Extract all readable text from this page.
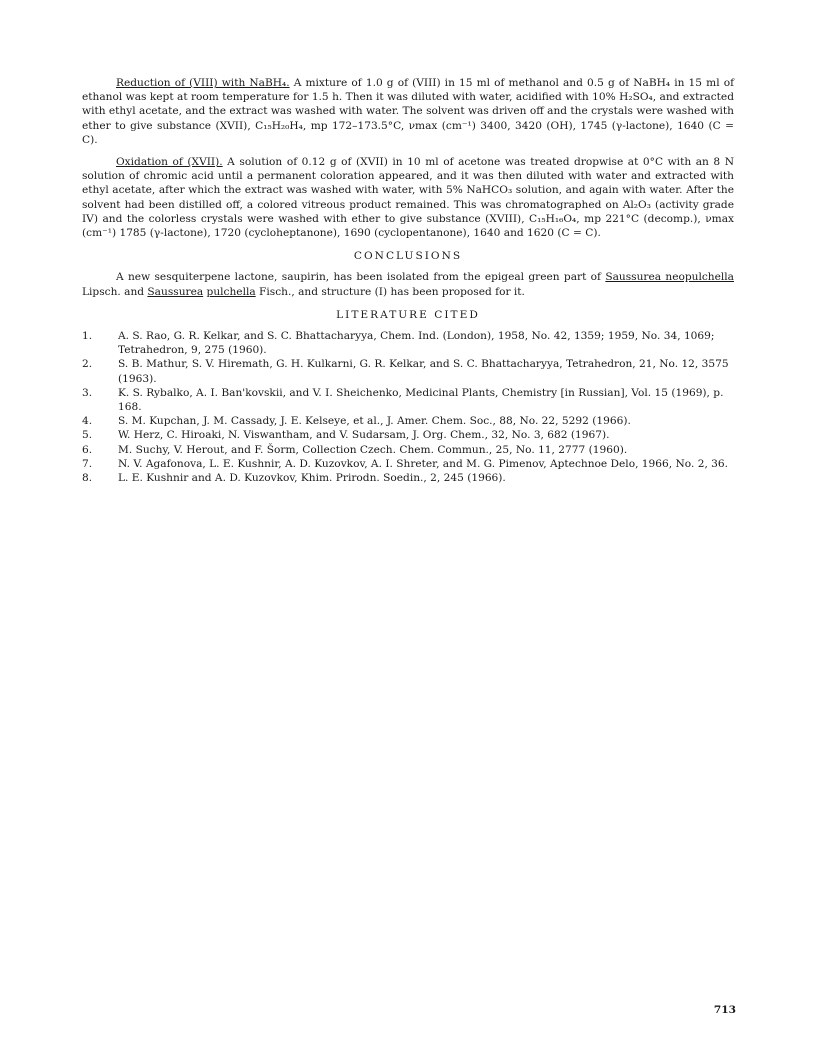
Reduction of (VIII) with NaBH₄. A mixture of 1.0 g of (VIII) in 15 ml of methanol and 0.5 g of NaBH₄ in 15 ml of ethanol was kept at room temperature for 1.5 h. Then it was diluted with water, acidified with 10% H₂SO₄, and extracted with ethyl acetate, and the extract was washed with water. The solvent was driven off and the crystals were washed with ether to give substance (XVII), C₁₅H₂₀H₄, mp 172–173.5°C, νmax (cm⁻¹) 3400, 3420 (OH), 1745 (γ-lactone), 1640 (C = C).

Oxidation of (XVII). A solution of 0.12 g of (XVII) in 10 ml of acetone was treated dropwise at 0°C with an 8 N solution of chromic acid until a permanent coloration appeared, and it was then diluted with water and extracted with ethyl acetate, after which the extract was washed with water, with 5% NaHCO₃ solution, and again with water. After the solvent had been distilled off, a colored vitreous product remained. This was chromatographed on Al₂O₃ (activity grade IV) and the colorless crystals were washed with ether to give substance (XVIII), C₁₅H₁₆O₄, mp 221°C (decomp.), νmax (cm⁻¹) 1785 (γ-lactone), 1720 (cycloheptanone), 1690 (cyclopentanone), 1640 and 1620 (C = C).

CONCLUSIONS

A new sesquiterpene lactone, saupirin, has been isolated from the epigeal green part of Saussurea neopulchella Lipsch. and Saussurea pulchella Fisch., and structure (I) has been proposed for it.

LITERATURE CITED
1. A. S. Rao, G. R. Kelkar, and S. C. Bhattacharyya, Chem. Ind. (London), 1958, No. 42, 1359; 1959, No. 34, 1069; Tetrahedron, 9, 275 (1960).
2. S. B. Mathur, S. V. Hiremath, G. H. Kulkarni, G. R. Kelkar, and S. C. Bhattacharyya, Tetrahedron, 21, No. 12, 3575 (1963).
3. K. S. Rybalko, A. I. Ban'kovskii, and V. I. Sheichenko, Medicinal Plants, Chemistry [in Russian], Vol. 15 (1969), p. 168.
4. S. M. Kupchan, J. M. Cassady, J. E. Kelseye, et al., J. Amer. Chem. Soc., 88, No. 22, 5292 (1966).
5. W. Herz, C. Hiroaki, N. Viswantham, and V. Sudarsam, J. Org. Chem., 32, No. 3, 682 (1967).
6. M. Suchy, V. Herout, and F. Šorm, Collection Czech. Chem. Commun., 25, No. 11, 2777 (1960).
7. N. V. Agafonova, L. E. Kushnir, A. D. Kuzovkov, A. I. Shreter, and M. G. Pimenov, Aptechnoe Delo, 1966, No. 2, 36.
8. L. E. Kushnir and A. D. Kuzovkov, Khim. Prirodn. Soedin., 2, 245 (1966).
713
